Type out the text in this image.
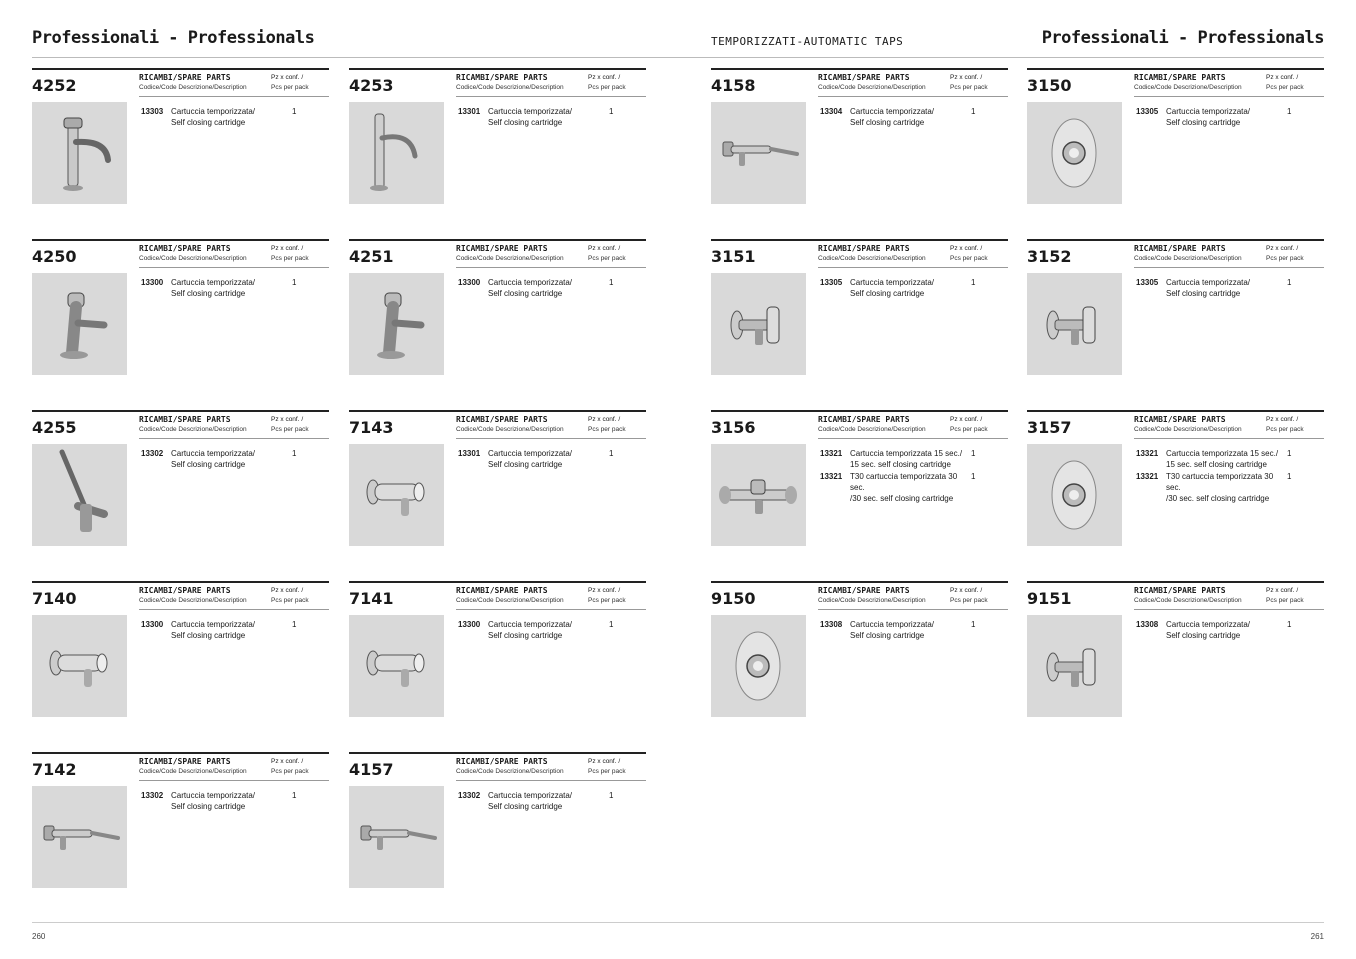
Professionali - Professionals	TEMPORIZZATI-AUTOMATIC TAPS	Professionali - Professionals
4252	RICAMBI/SPARE PARTS	Pz x conf. /
Codice/Code Descrizione/Description	Pcs per pack
13303 Cartuccia temporizzata/
Self closing cartridge
1
4253	RICAMBI/SPARE PARTS	Pz x conf. /
Codice/Code Descrizione/Description	Pcs per pack
13301 Cartuccia temporizzata/
Self closing cartridge
1
4158	RICAMBI/SPARE PARTS	Pz x conf. /
Codice/Code Descrizione/Description	Pcs per pack
13304 Cartuccia temporizzata/
Self closing cartridge
1
3150	RICAMBI/SPARE PARTS	Pz x conf. /
Codice/Code Descrizione/Description	Pcs per pack
13305 Cartuccia temporizzata/
Self closing cartridge
1
4250	RICAMBI/SPARE PARTS	Pz x conf. /
Codice/Code Descrizione/Description	Pcs per pack
13300 Cartuccia temporizzata/
Self closing cartridge
1
4251	RICAMBI/SPARE PARTS	Pz x conf. /
Codice/Code Descrizione/Description	Pcs per pack
13300 Cartuccia temporizzata/
Self closing cartridge
1
3151	RICAMBI/SPARE PARTS	Pz x conf. /
Codice/Code Descrizione/Description	Pcs per pack
13305 Cartuccia temporizzata/
Self closing cartridge
1
3152	RICAMBI/SPARE PARTS	Pz x conf. /
Codice/Code Descrizione/Description	Pcs per pack
13305 Cartuccia temporizzata/
Self closing cartridge
1
4255	RICAMBI/SPARE PARTS	Pz x conf. /
Codice/Code Descrizione/Description	Pcs per pack
13302 Cartuccia temporizzata/
Self closing cartridge
1
7143	RICAMBI/SPARE PARTS	Pz x conf. /
Codice/Code Descrizione/Description	Pcs per pack
13301 Cartuccia temporizzata/
Self closing cartridge
1
3156	RICAMBI/SPARE PARTS	Pz x conf. /
Codice/Code Descrizione/Description	Pcs per pack
13321 Cartuccia temporizzata 15 sec./
15 sec. self closing cartridge
1
13321 T30 cartuccia temporizzata 30 sec.
/30 sec. self closing cartridge
1
3157	RICAMBI/SPARE PARTS	Pz x conf. /
Codice/Code Descrizione/Description	Pcs per pack
13321 Cartuccia temporizzata 15 sec./
15 sec. self closing cartridge
1
13321 T30 cartuccia temporizzata 30 sec.
/30 sec. self closing cartridge
1
7140	RICAMBI/SPARE PARTS	Pz x conf. /
Codice/Code Descrizione/Description	Pcs per pack
13300 Cartuccia temporizzata/
Self closing cartridge
1
7141	RICAMBI/SPARE PARTS	Pz x conf. /
Codice/Code Descrizione/Description	Pcs per pack
13300 Cartuccia temporizzata/
Self closing cartridge
1
9150	RICAMBI/SPARE PARTS	Pz x conf. /
Codice/Code Descrizione/Description	Pcs per pack
13308 Cartuccia temporizzata/
Self closing cartridge
1
9151	RICAMBI/SPARE PARTS	Pz x conf. /
Codice/Code Descrizione/Description	Pcs per pack
13308 Cartuccia temporizzata/
Self closing cartridge
1
7142	RICAMBI/SPARE PARTS	Pz x conf. /
Codice/Code Descrizione/Description	Pcs per pack
13302 Cartuccia temporizzata/
Self closing cartridge
1
4157	RICAMBI/SPARE PARTS	Pz x conf. /
Codice/Code Descrizione/Description	Pcs per pack
13302 Cartuccia temporizzata/
Self closing cartridge
1
260	261
